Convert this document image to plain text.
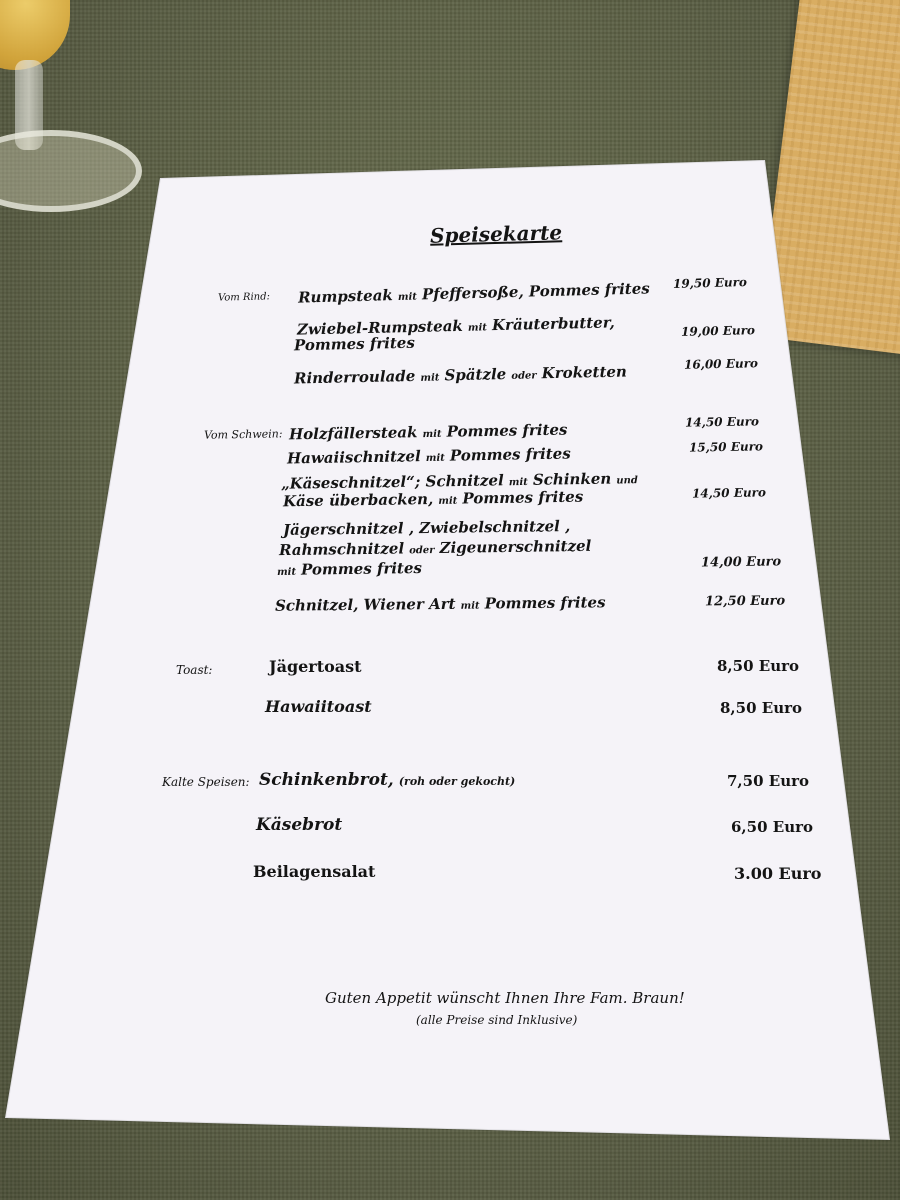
Speisekarte
Vom Rind: Rumpsteak mit Pfeffersoße, Pommes frites 19,50 Euro
Zwiebel-Rumpsteak mit Kräuterbutter,
Pommes frites
19,00 Euro
Rinderroulade mit Spätzle oder Kroketten	16,00 Euro
Vom Schwein: Holzfällersteak mit Pommes frites	14,50 Euro
Hawaiischnitzel mit Pommes frites	15,50 Euro
„Käseschnitzel“; Schnitzel mit Schinken und
Käse überbacken, mit Pommes frites	14,50 Euro
Jägerschnitzel , Zwiebelschnitzel ,
Rahmschnitzel oder Zigeunerschnitzel
mit Pommes frites	14,00 Euro
Schnitzel, Wiener Art mit Pommes frites	12,50 Euro
Toast:	Jägertoast	8,50 Euro
Hawaiitoast	8,50 Euro
Kalte Speisen: Schinkenbrot, (roh oder gekocht)	7,50 Euro
Käsebrot	6,50 Euro
Beilagensalat	3.00 Euro
Guten Appetit wünscht Ihnen Ihre Fam. Braun!
(alle Preise sind Inklusive)
